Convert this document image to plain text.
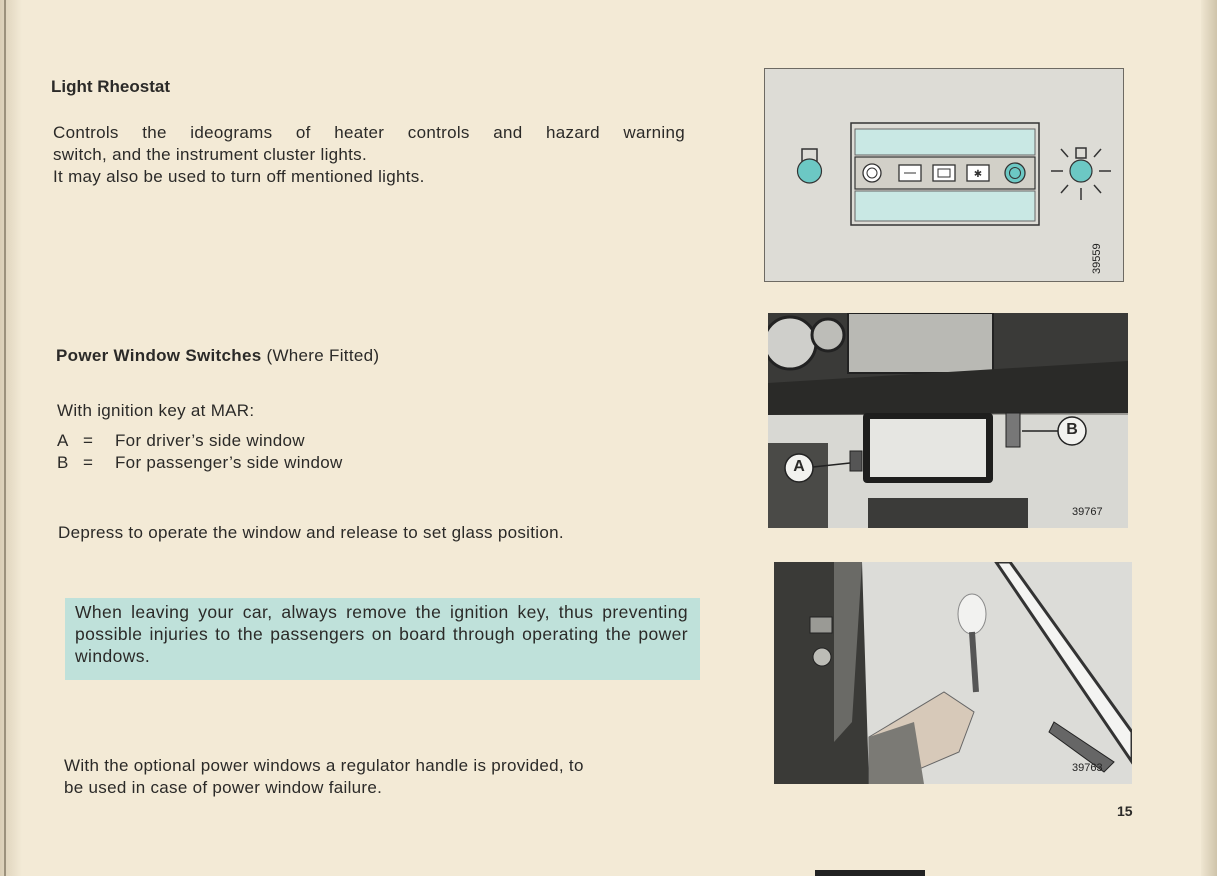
Light Rheostat
Controls the ideograms of heater controls and hazard warning
switch, and the instrument cluster lights.
It may also be used to turn off mentioned lights.
Power Window Switches (Where Fitted)
With ignition key at MAR:
A =	For driver’s side window
B =	For passenger’s side window
Depress to operate the window and release to set glass position.

When leaving your car, always remove the ignition key, thus preventing possible injuries to the passengers on board through operating the power windows.

With the optional power windows a regulator handle is provided, to
be used in case of power window failure.
✱
39559
A
B
39767
39763
15
